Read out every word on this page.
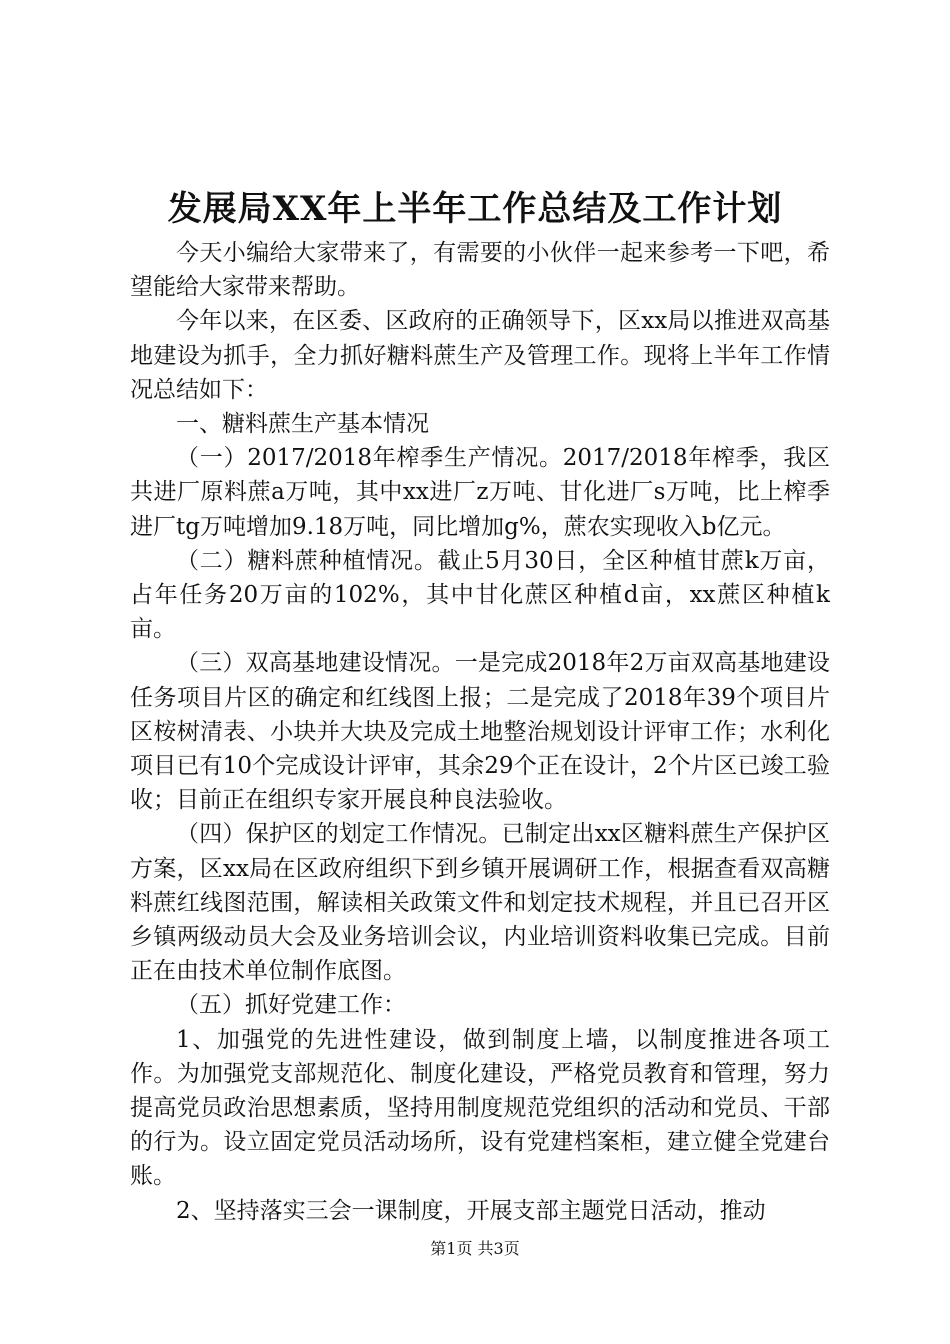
发展局XX年上半年工作总结及工作计划

今天小编给大家带来了，有需要的小伙伴一起来参考一下吧，希望能给大家带来帮助。

今年以来，在区委、区政府的正确领导下，区xx局以推进双高基地建设为抓手，全力抓好糖料蔗生产及管理工作。现将上半年工作情况总结如下：

一、糖料蔗生产基本情况

（一）2017/2018年榨季生产情况。2017/2018年榨季，我区共进厂原料蔗a万吨，其中xx进厂z万吨、甘化进厂s万吨，比上榨季进厂tg万吨增加9.18万吨，同比增加g%，蔗农实现收入b亿元。

（二）糖料蔗种植情况。截止5月30日，全区种植甘蔗k万亩，占年任务20万亩的102%，其中甘化蔗区种植d亩，xx蔗区种植k亩。

（三）双高基地建设情况。一是完成2018年2万亩双高基地建设任务项目片区的确定和红线图上报；二是完成了2018年39个项目片区桉树清表、小块并大块及完成土地整治规划设计评审工作；水利化项目已有10个完成设计评审，其余29个正在设计，2个片区已竣工验收；目前正在组织专家开展良种良法验收。

（四）保护区的划定工作情况。已制定出xx区糖料蔗生产保护区方案，区xx局在区政府组织下到乡镇开展调研工作，根据查看双高糖料蔗红线图范围，解读相关政策文件和划定技术规程，并且已召开区乡镇两级动员大会及业务培训会议，内业培训资料收集已完成。目前正在由技术单位制作底图。

（五）抓好党建工作：

1、加强党的先进性建设，做到制度上墙，以制度推进各项工作。为加强党支部规范化、制度化建设，严格党员教育和管理，努力提高党员政治思想素质，坚持用制度规范党组织的活动和党员、干部的行为。设立固定党员活动场所，设有党建档案柜，建立健全党建台账。

2、坚持落实三会一课制度，开展支部主题党日活动，推动

第1页 共3页
